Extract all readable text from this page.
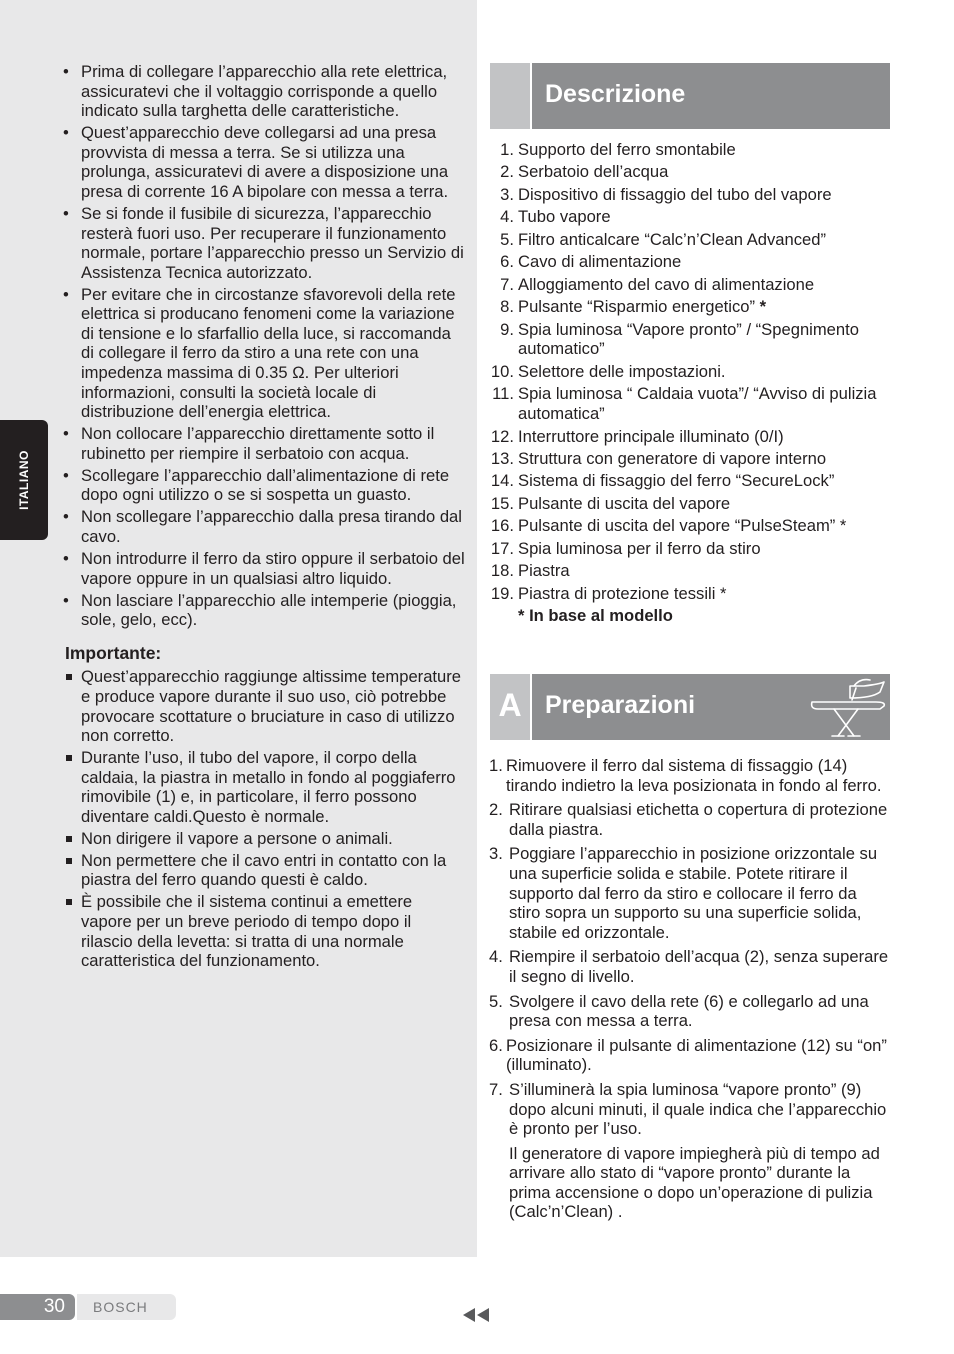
ITALIANO
• Prima di collegare l’apparecchio alla rete elettrica, assicuratevi che il voltaggio corrisponde a quello indicato sulla targhetta delle caratteristiche.
• Quest’apparecchio deve collegarsi ad una presa provvista di messa a terra. Se si utilizza una prolunga, assicuratevi di avere a disposizione una presa di corrente 16 A bipolare con messa a terra.
• Se si fonde il fusibile di sicurezza, l’apparecchio resterà fuori uso. Per recuperare il funzionamento normale, portare l’apparecchio presso un Servizio di Assistenza Tecnica autorizzato.
• Per evitare che in circostanze sfavorevoli della rete elettrica si producano fenomeni come la variazione di tensione e lo sfarfallio della luce, si raccomanda di collegare il ferro da stiro a una rete con una impedenza massima di 0.35 Ω. Per ulteriori informazioni, consulti la società locale di distribuzione dell’energia elettrica.
• Non collocare l’apparecchio direttamente sotto il rubinetto per riempire il serbatoio con acqua.
• Scollegare l’apparecchio dall’alimentazione di rete dopo ogni utilizzo o se si sospetta un guasto.
• Non scollegare l’apparecchio dalla presa tirando dal cavo.
• Non introdurre il ferro da stiro oppure il serbatoio del vapore oppure in un qualsiasi altro liquido.
• Non lasciare l’apparecchio alle intemperie (pioggia, sole, gelo, ecc).
Importante:
Quest’apparecchio raggiunge altissime temperature e produce vapore durante il suo uso, ciò potrebbe provocare scottature o bruciature in caso di utilizzo non corretto.
Durante l’uso, il tubo del vapore, il corpo della caldaia, la piastra in metallo in fondo al poggiaferro rimovibile (1) e, in particolare, il ferro possono diventare caldi.Questo è normale.
Non dirigere il vapore a persone o animali.
Non permettere che il cavo entri in contatto con la piastra del ferro quando questi è caldo.
È possibile che il sistema continui a emettere vapore per un breve periodo di tempo dopo il rilascio della levetta: si tratta di una normale caratteristica del funzionamento.
Descrizione
1. Supporto del ferro smontabile
2. Serbatoio dell’acqua
3. Dispositivo di fissaggio del tubo del vapore
4. Tubo vapore
5. Filtro anticalcare “Calc’n’Clean Advanced”
6. Cavo di alimentazione
7. Alloggiamento del cavo di alimentazione
8. Pulsante “Risparmio energetico” *
9. Spia luminosa “Vapore pronto” / “Spegnimento automatico”
10. Selettore delle impostazioni.
11. Spia luminosa “ Caldaia vuota”/ “Avviso di pulizia automatica”
12. Interruttore principale illuminato (0/I)
13. Struttura con generatore di vapore interno
14. Sistema di fissaggio del ferro “SecureLock”
15. Pulsante di uscita del vapore
16. Pulsante di uscita del vapore “PulseSteam” *
17. Spia luminosa per il ferro da stiro
18. Piastra
19. Piastra di protezione tessili *
* In base al modello
A Preparazioni
1. Rimuovere il ferro dal sistema di fissaggio (14) tirando indietro la leva posizionata in fondo al ferro.
2. Ritirare qualsiasi etichetta o copertura di protezione dalla piastra.
3. Poggiare l’apparecchio in posizione orizzontale su una superficie solida e stabile. Potete ritirare il supporto dal ferro da stiro e collocare il ferro da stiro sopra un supporto su una superficie solida, stabile ed orizzontale.
4. Riempire il serbatoio dell’acqua (2), senza superare il segno di livello.
5. Svolgere il cavo della rete (6) e collegarlo ad una presa con messa a terra.
6. Posizionare il pulsante di alimentazione (12) su “on” (illuminato).
7. S’illuminerà la spia luminosa “vapore pronto” (9) dopo alcuni minuti, il quale indica che l’apparecchio è pronto per l’uso.
Il generatore di vapore impiegherà più di tempo ad arrivare allo stato di “vapore pronto” durante la prima accensione o dopo un’operazione di pulizia (Calc’n’Clean) .
30	BOSCH
